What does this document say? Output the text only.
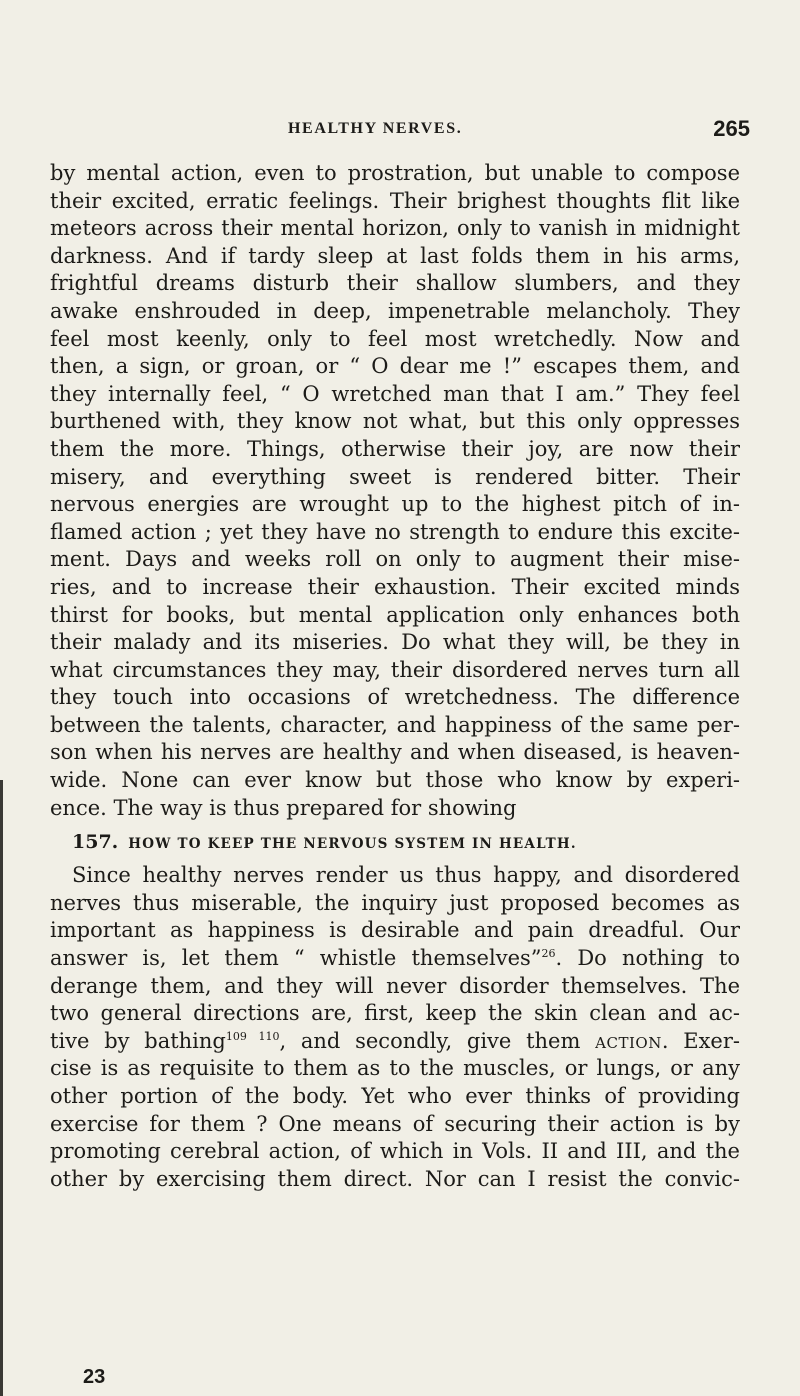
HEALTHY NERVES.	265
by mental action, even to prostration, but unable to compose
their excited, erratic feelings. Their brighest thoughts flit like
meteors across their mental horizon, only to vanish in midnight
darkness. And if tardy sleep at last folds them in his arms,
frightful dreams disturb their shallow slumbers, and they
awake enshrouded in deep, impenetrable melancholy. They
feel most keenly, only to feel most wretchedly. Now and
then, a sign, or groan, or “ O dear me !” escapes them, and
they internally feel, “ O wretched man that I am.” They feel
burthened with, they know not what, but this only oppresses
them the more. Things, otherwise their joy, are now their
misery, and everything sweet is rendered bitter. Their
nervous energies are wrought up to the highest pitch of in-
flamed action ; yet they have no strength to endure this excite-
ment. Days and weeks roll on only to augment their mise-
ries, and to increase their exhaustion. Their excited minds
thirst for books, but mental application only enhances both
their malady and its miseries. Do what they will, be they in
what circumstances they may, their disordered nerves turn all
they touch into occasions of wretchedness. The difference
between the talents, character, and happiness of the same per-
son when his nerves are healthy and when diseased, is heaven-
wide. None can ever know but those who know by experi-
ence. The way is thus prepared for showing
157. HOW TO KEEP THE NERVOUS SYSTEM IN HEALTH.
Since healthy nerves render us thus happy, and disordered
nerves thus miserable, the inquiry just proposed becomes as
important as happiness is desirable and pain dreadful. Our
answer is, let them “ whistle themselves”$^{26}$. Do nothing to
derange them, and they will never disorder themselves. The
two general directions are, first, keep the skin clean and ac-
tive by bathing$^{109 110}$, and secondly, give them action. Exer-
cise is as requisite to them as to the muscles, or lungs, or any
other portion of the body. Yet who ever thinks of providing
exercise for them ? One means of securing their action is by
promoting cerebral action, of which in Vols. II and III, and the
other by exercising them direct. Nor can I resist the convic-
23
